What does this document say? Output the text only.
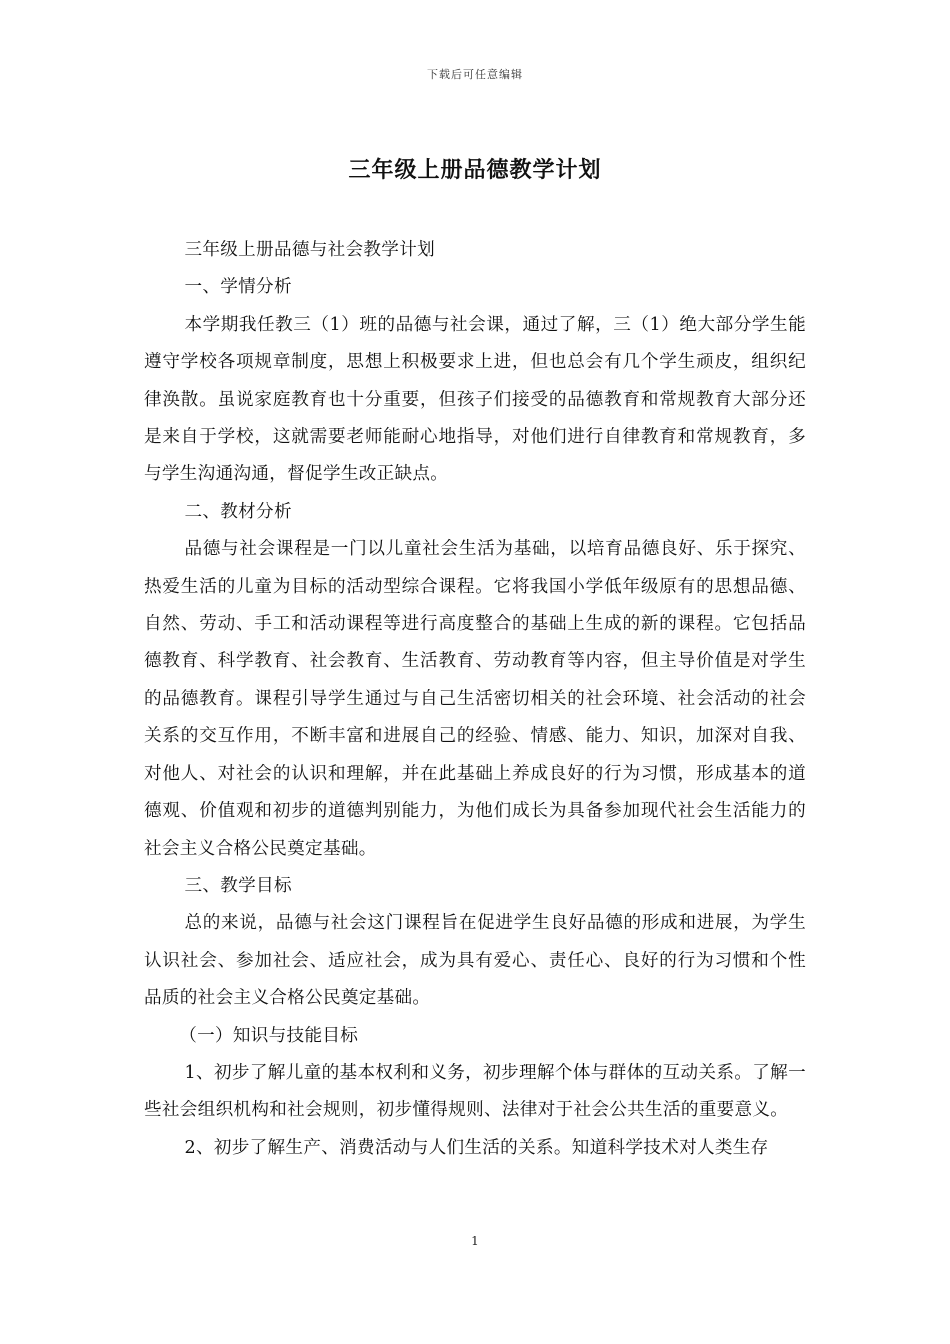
下载后可任意编辑
三年级上册品德教学计划

三年级上册品德与社会教学计划

一、学情分析

本学期我任教三（1）班的品德与社会课，通过了解，三（1）绝大部分学生能遵守学校各项规章制度，思想上积极要求上进，但也总会有几个学生顽皮，组织纪律涣散。虽说家庭教育也十分重要，但孩子们接受的品德教育和常规教育大部分还是来自于学校，这就需要老师能耐心地指导，对他们进行自律教育和常规教育，多与学生沟通沟通，督促学生改正缺点。

二、教材分析

品德与社会课程是一门以儿童社会生活为基础，以培育品德良好、乐于探究、热爱生活的儿童为目标的活动型综合课程。它将我国小学低年级原有的思想品德、自然、劳动、手工和活动课程等进行高度整合的基础上生成的新的课程。它包括品德教育、科学教育、社会教育、生活教育、劳动教育等内容，但主导价值是对学生的品德教育。课程引导学生通过与自己生活密切相关的社会环境、社会活动的社会关系的交互作用，不断丰富和进展自己的经验、情感、能力、知识，加深对自我、对他人、对社会的认识和理解，并在此基础上养成良好的行为习惯，形成基本的道德观、价值观和初步的道德判别能力，为他们成长为具备参加现代社会生活能力的社会主义合格公民奠定基础。

三、教学目标

总的来说，品德与社会这门课程旨在促进学生良好品德的形成和进展，为学生认识社会、参加社会、适应社会，成为具有爱心、责任心、良好的行为习惯和个性品质的社会主义合格公民奠定基础。

（一）知识与技能目标

1、初步了解儿童的基本权利和义务，初步理解个体与群体的互动关系。了解一些社会组织机构和社会规则，初步懂得规则、法律对于社会公共生活的重要意义。

2、初步了解生产、消费活动与人们生活的关系。知道科学技术对人类生存

1
